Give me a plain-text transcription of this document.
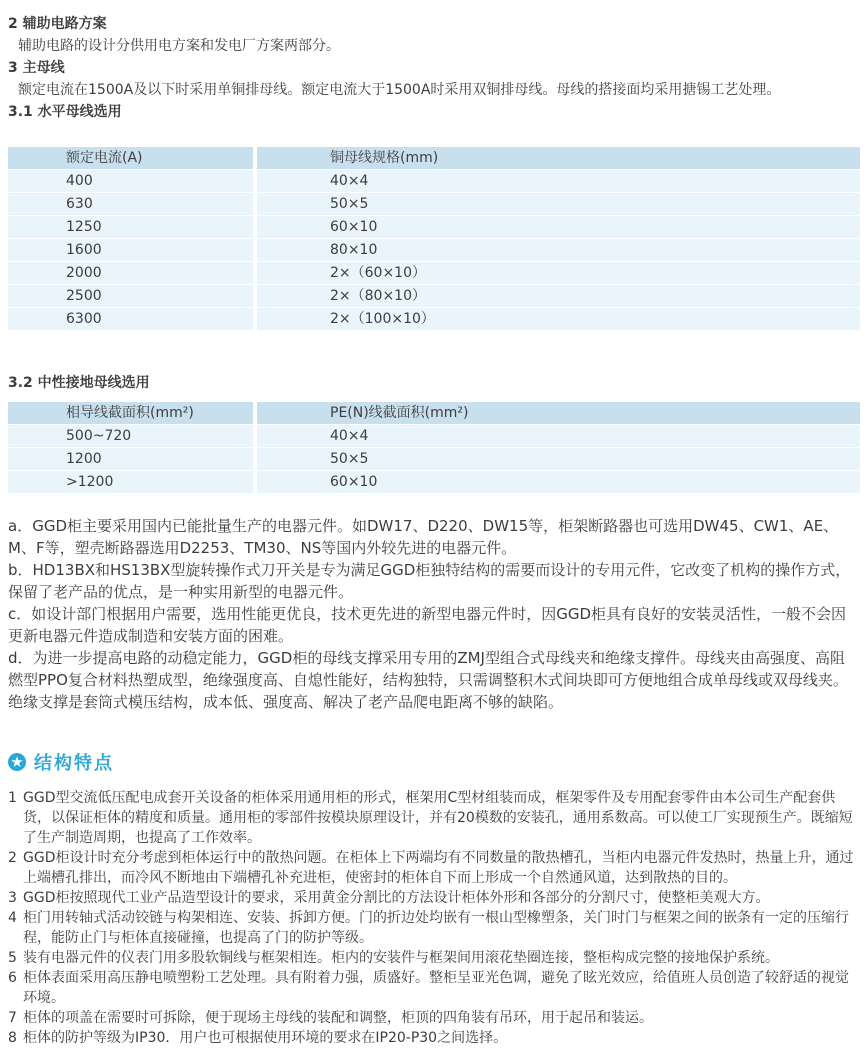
2 辅助电路方案

辅助电路的设计分供用电方案和发电厂方案两部分。

3 主母线

额定电流在1500A及以下时采用单铜排母线。额定电流大于1500A时采用双铜排母线。母线的搭接面均采用搪锡工艺处理。

3.1 水平母线选用

额定电流(A)	铜母线规格(mm)
400	40×4
630	50×5
1250	60×10
1600	80×10
2000	2×（60×10）
2500	2×（80×10）
6300	2×（100×10）

3.2 中性接地母线选用

相导线截面积(mm²)	PE(N)线截面积(mm²)
500~720	40×4
1200	50×5
>1200	60×10

a．GGD柜主要采用国内已能批量生产的电器元件。如DW17、D220、DW15等，柜架断路器也可选用DW45、CW1、AE、M、F等，塑壳断路器选用D2253、TM30、NS等国内外较先进的电器元件。

b．HD13BX和HS13BX型旋转操作式刀开关是专为满足GGD柜独特结构的需要而设计的专用元件，它改变了机构的操作方式，保留了老产品的优点，是一种实用新型的电器元件。

c．如设计部门根据用户需要，选用性能更优良，技术更先进的新型电器元件时，因GGD柜具有良好的安装灵活性，一般不会因更新电器元件造成制造和安装方面的困难。

d．为进一步提高电路的动稳定能力，GGD柜的母线支撑采用专用的ZMJ型组合式母线夹和绝缘支撑件。母线夹由高强度、高阻燃型PPO复合材料热塑成型，绝缘强度高、自熄性能好，结构独特，只需调整积木式间块即可方便地组合成单母线或双母线夹。绝缘支撑是套筒式模压结构，成本低、强度高、解决了老产品爬电距离不够的缺陷。

结构特点
1 GGD型交流低压配电成套开关设备的柜体采用通用柜的形式，框架用C型材组装而成，框架零件及专用配套零件由本公司生产配套供货，以保证柜体的精度和质量。通用柜的零部件按模块原理设计，并有20模数的安装孔，通用系数高。可以使工厂实现预生产。既缩短了生产制造周期，也提高了工作效率。
2 GGD柜设计时充分考虑到柜体运行中的散热问题。在柜体上下两端均有不同数量的散热槽孔，当柜内电器元件发热时，热量上升，通过上端槽孔排出，而冷风不断地由下端槽孔补充进柜，使密封的柜体自下而上形成一个自然通风道，达到散热的目的。
3 GGD柜按照现代工业产品造型设计的要求，采用黄金分割比的方法设计柜体外形和各部分的分割尺寸，使整柜美观大方。
4 柜门用转轴式活动铰链与构架相连、安装、拆卸方便。门的折边处均嵌有一根山型橡塑条，关门时门与框架之间的嵌条有一定的压缩行程，能防止门与柜体直接碰撞，也提高了门的防护等级。
5 装有电器元件的仪表门用多股软铜线与框架相连。柜内的安装件与框架间用滚花垫圈连接，整柜构成完整的接地保护系统。
6 柜体表面采用高压静电喷塑粉工艺处理。具有附着力强，质盛好。整柜呈亚光色调，避免了眩光效应，给值班人员创造了较舒适的视觉环境。
7 柜体的项盖在需要时可拆除，便于现场主母线的装配和调整，柜顶的四角装有吊环，用于起吊和装运。
8 柜体的防护等级为IP30．用户也可根据使用环境的要求在IP20-P30之间选择。
